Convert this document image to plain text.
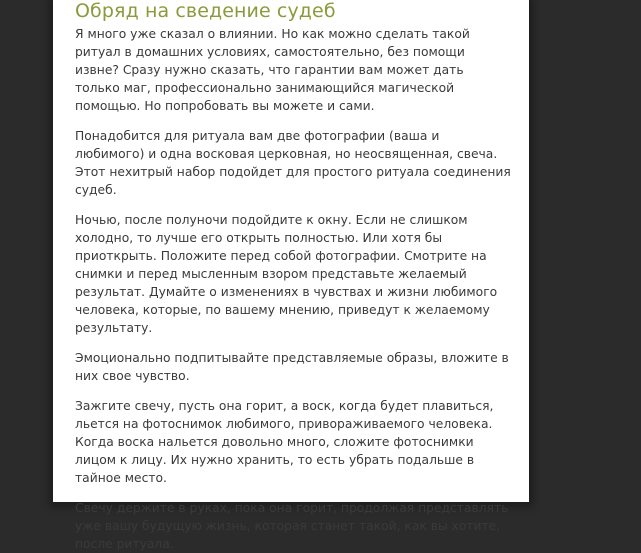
Обряд на сведение судеб

Я много уже сказал о влиянии. Но как можно сделать такой ритуал в домашних условиях, самостоятельно, без помощи извне? Сразу нужно сказать, что гарантии вам может дать только маг, профессионально занимающийся магической помощью. Но попробовать вы можете и сами.

Понадобится для ритуала вам две фотографии (ваша и любимого) и одна восковая церковная, но неосвященная, свеча. Этот нехитрый набор подойдет для простого ритуала соединения судеб.

Ночью, после полуночи подойдите к окну. Если не слишком холодно, то лучше его открыть полностью. Или хотя бы приоткрыть. Положите перед собой фотографии. Смотрите на снимки и перед мысленным взором представьте желаемый результат. Думайте о изменениях в чувствах и жизни любимого человека, которые, по вашему мнению, приведут к желаемому результату.

Эмоционально подпитывайте представляемые образы, вложите в них свое чувство.

Зажгите свечу, пусть она горит, а воск, когда будет плавиться, льется на фотоснимок любимого, привораживаемого человека. Когда воска нальется довольно много, сложите фотоснимки лицом к лицу. Их нужно хранить, то есть убрать подальше в тайное место.

Свечу держите в руках, пока она горит, продолжая представлять уже вашу будущую жизнь, которая станет такой, как вы хотите, после ритуала.
